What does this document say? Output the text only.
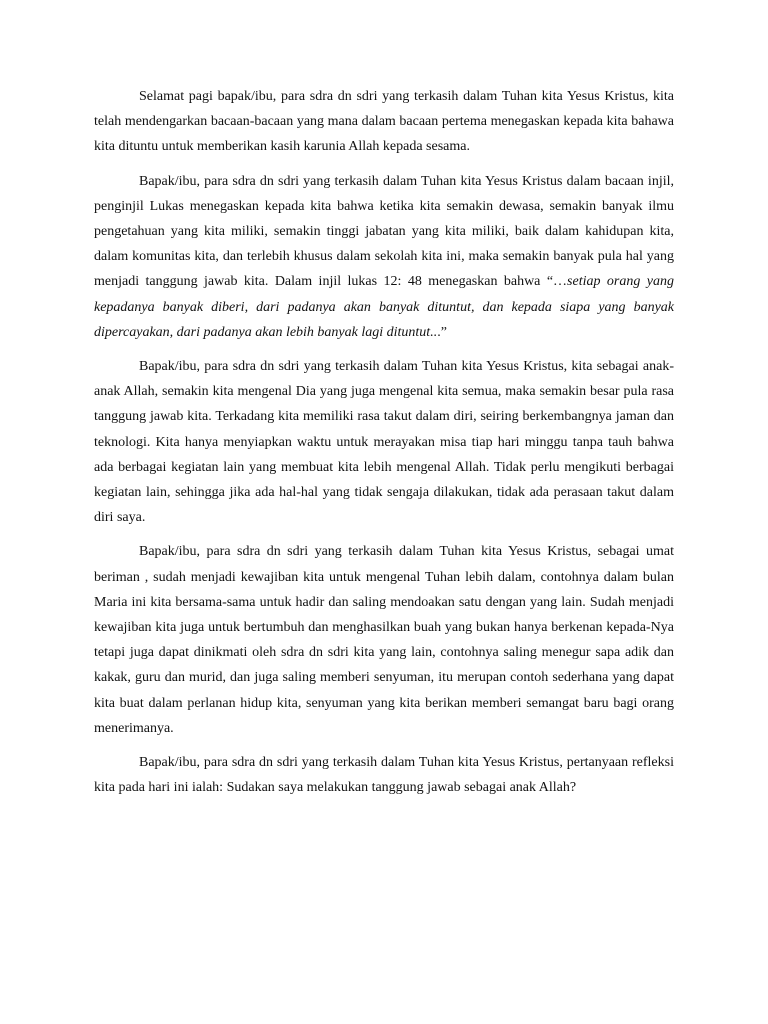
Selamat pagi bapak/ibu, para sdra dn sdri yang terkasih dalam Tuhan kita Yesus Kristus, kita telah mendengarkan bacaan-bacaan yang mana dalam bacaan pertema menegaskan kepada kita bahawa kita dituntu untuk memberikan kasih karunia Allah kepada sesama.

Bapak/ibu, para sdra dn sdri yang terkasih dalam Tuhan kita Yesus Kristus dalam bacaan injil, penginjil Lukas menegaskan kepada kita bahwa ketika kita semakin dewasa, semakin banyak ilmu pengetahuan yang kita miliki, semakin tinggi jabatan yang kita miliki, baik dalam kahidupan kita, dalam komunitas kita, dan terlebih khusus dalam sekolah kita ini, maka semakin banyak pula hal yang menjadi tanggung jawab kita. Dalam injil lukas 12: 48 menegaskan bahwa “…setiap orang yang kepadanya banyak diberi, dari padanya akan banyak dituntut, dan kepada siapa yang banyak dipercayakan, dari padanya akan lebih banyak lagi dituntut...”

Bapak/ibu, para sdra dn sdri yang terkasih dalam Tuhan kita Yesus Kristus, kita sebagai anak-anak Allah, semakin kita mengenal Dia yang juga mengenal kita semua, maka semakin besar pula rasa tanggung jawab kita. Terkadang kita memiliki rasa takut dalam diri, seiring berkembangnya jaman dan teknologi. Kita hanya menyiapkan waktu untuk merayakan misa tiap hari minggu tanpa tauh bahwa ada berbagai kegiatan lain yang membuat kita lebih mengenal Allah. Tidak perlu mengikuti berbagai kegiatan lain, sehingga jika ada hal-hal yang tidak sengaja dilakukan, tidak ada perasaan takut dalam diri saya.

Bapak/ibu, para sdra dn sdri yang terkasih dalam Tuhan kita Yesus Kristus, sebagai umat beriman , sudah menjadi kewajiban kita untuk mengenal Tuhan lebih dalam, contohnya dalam bulan Maria ini kita bersama-sama untuk hadir dan saling mendoakan satu dengan yang lain. Sudah menjadi kewajiban kita juga untuk bertumbuh dan menghasilkan buah yang bukan hanya berkenan kepada-Nya tetapi juga dapat dinikmati oleh sdra dn sdri kita yang lain, contohnya saling menegur sapa adik dan kakak, guru dan murid, dan juga saling memberi senyuman, itu merupan contoh sederhana yang dapat kita buat dalam perlanan hidup kita, senyuman yang kita berikan memberi semangat baru bagi orang menerimanya.

Bapak/ibu, para sdra dn sdri yang terkasih dalam Tuhan kita Yesus Kristus, pertanyaan refleksi kita pada hari ini ialah: Sudakan saya melakukan tanggung jawab sebagai anak Allah?
